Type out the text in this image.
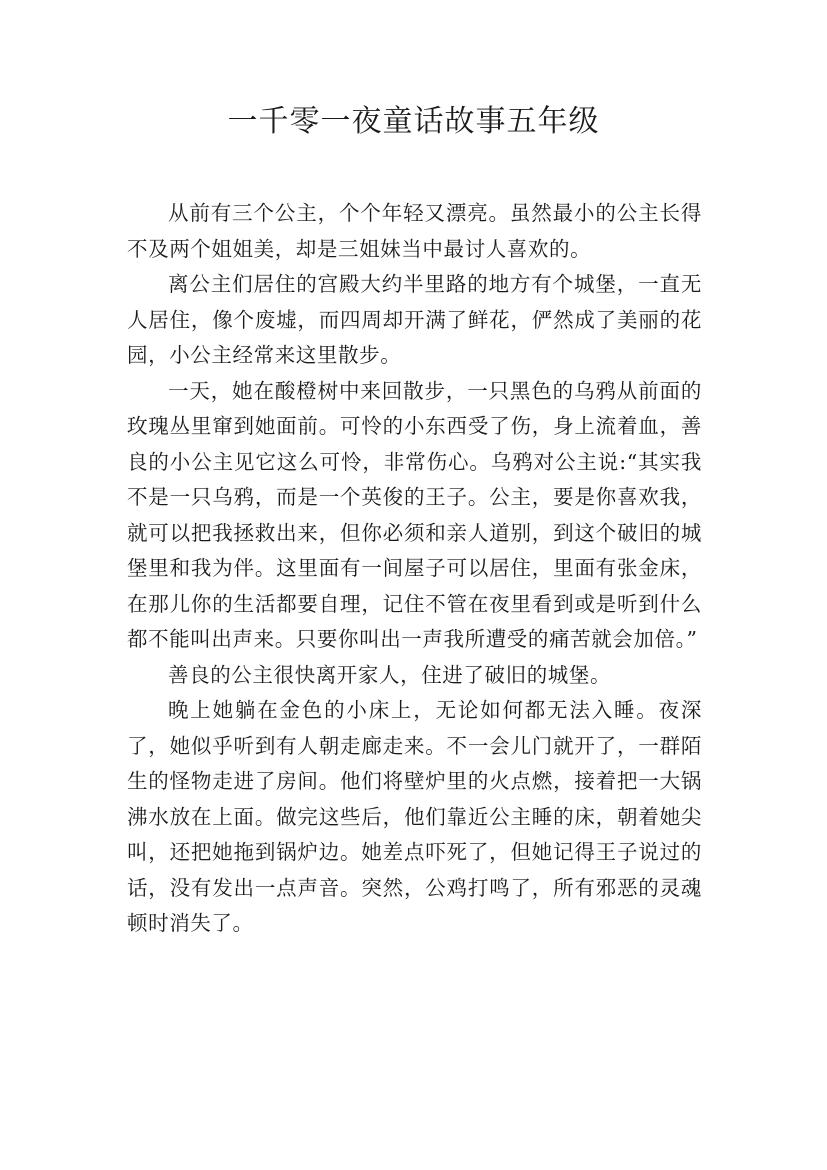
一千零一夜童话故事五年级

从前有三个公主，个个年轻又漂亮。虽然最小的公主长得不及两个姐姐美，却是三姐妹当中最讨人喜欢的。

离公主们居住的宫殿大约半里路的地方有个城堡，一直无人居住，像个废墟，而四周却开满了鲜花，俨然成了美丽的花园，小公主经常来这里散步。

一天，她在酸橙树中来回散步，一只黑色的乌鸦从前面的玫瑰丛里窜到她面前。可怜的小东西受了伤，身上流着血，善良的小公主见它这么可怜，非常伤心。乌鸦对公主说:“其实我不是一只乌鸦，而是一个英俊的王子。公主，要是你喜欢我，就可以把我拯救出来，但你必须和亲人道别，到这个破旧的城堡里和我为伴。这里面有一间屋子可以居住，里面有张金床，在那儿你的生活都要自理，记住不管在夜里看到或是听到什么都不能叫出声来。只要你叫出一声我所遭受的痛苦就会加倍。”

善良的公主很快离开家人，住进了破旧的城堡。

晚上她躺在金色的小床上，无论如何都无法入睡。夜深了，她似乎听到有人朝走廊走来。不一会儿门就开了，一群陌生的怪物走进了房间。他们将壁炉里的火点燃，接着把一大锅沸水放在上面。做完这些后，他们靠近公主睡的床，朝着她尖叫，还把她拖到锅炉边。她差点吓死了，但她记得王子说过的话，没有发出一点声音。突然，公鸡打鸣了，所有邪恶的灵魂顿时消失了。
